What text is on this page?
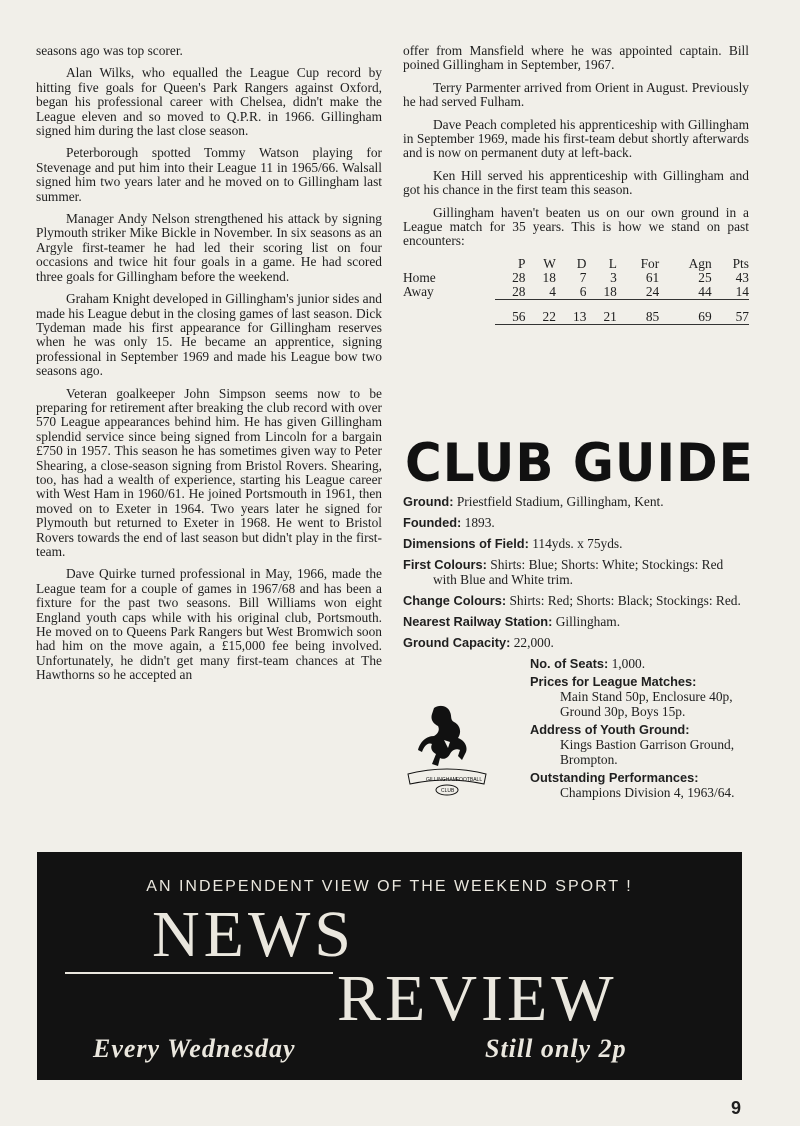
seasons ago was top scorer.

Alan Wilks, who equalled the League Cup record by hitting five goals for Queen's Park Rangers against Oxford, began his professional career with Chelsea, didn't make the League eleven and so moved to Q.P.R. in 1966. Gillingham signed him during the last close season.

Peterborough spotted Tommy Watson playing for Stevenage and put him into their League 11 in 1965/66. Walsall signed him two years later and he moved on to Gillingham last summer.

Manager Andy Nelson strengthened his attack by signing Plymouth striker Mike Bickle in November. In six seasons as an Argyle first-teamer he had led their scoring list on four occasions and twice hit four goals in a game. He had scored three goals for Gillingham before the weekend.

Graham Knight developed in Gillingham's junior sides and made his League debut in the closing games of last season. Dick Tydeman made his first appearance for Gillingham reserves when he was only 15. He became an apprentice, signing professional in September 1969 and made his League bow two seasons ago.

Veteran goalkeeper John Simpson seems now to be preparing for retirement after breaking the club record with over 570 League appearances behind him. He has given Gillingham splendid service since being signed from Lincoln for a bargain £750 in 1957. This season he has sometimes given way to Peter Shearing, a close-season signing from Bristol Rovers. Shearing, too, has had a wealth of experience, starting his League career with West Ham in 1960/61. He joined Portsmouth in 1961, then moved on to Exeter in 1964. Two years later he signed for Plymouth but returned to Exeter in 1968. He went to Bristol Rovers towards the end of last season but didn't play in the first-team.

Dave Quirke turned professional in May, 1966, made the League team for a couple of games in 1967/68 and has been a fixture for the past two seasons. Bill Williams won eight England youth caps while with his original club, Portsmouth. He moved on to Queens Park Rangers but West Bromwich soon had him on the move again, a £15,000 fee being involved. Unfortunately, he didn't get many first-team chances at The Hawthorns so he accepted an

offer from Mansfield where he was appointed captain. Bill poined Gillingham in September, 1967.

Terry Parmenter arrived from Orient in August. Previously he had served Fulham.

Dave Peach completed his apprenticeship with Gillingham in September 1969, made his first-team debut shortly afterwards and is now on permanent duty at left-back.

Ken Hill served his apprenticeship with Gillingham and got his chance in the first team this season.

Gillingham haven't beaten us on our own ground in a League match for 35 years. This is how we stand on past encounters:

	P	W	D	L	For	Agn	Pts
Home	28	18	7	3	61	25	43
Away	28	4	6	18	24	44	14
	56	22	13	21	85	69	57
CLUB GUIDE
Ground: Priestfield Stadium, Gillingham, Kent.
Founded: 1893.
Dimensions of Field: 114yds. x 75yds.
First Colours: Shirts: Blue; Shorts: White; Stockings: Red with Blue and White trim.
Change Colours: Shirts: Red; Shorts: Black; Stockings: Red.
Nearest Railway Station: Gillingham.
Ground Capacity: 22,000.
No. of Seats: 1,000.
Prices for League Matches:
Main Stand 50p, Enclosure 40p, Ground 30p, Boys 15p.
Address of Youth Ground:
Kings Bastion Garrison Ground, Brompton.
Outstanding Performances:
Champions Division 4, 1963/64.
GILLINGHAM FOOTBALL
CLUB
AN INDEPENDENT VIEW OF THE WEEKEND SPORT !
NEWS
REVIEW
Every Wednesday	Still only 2p
9
